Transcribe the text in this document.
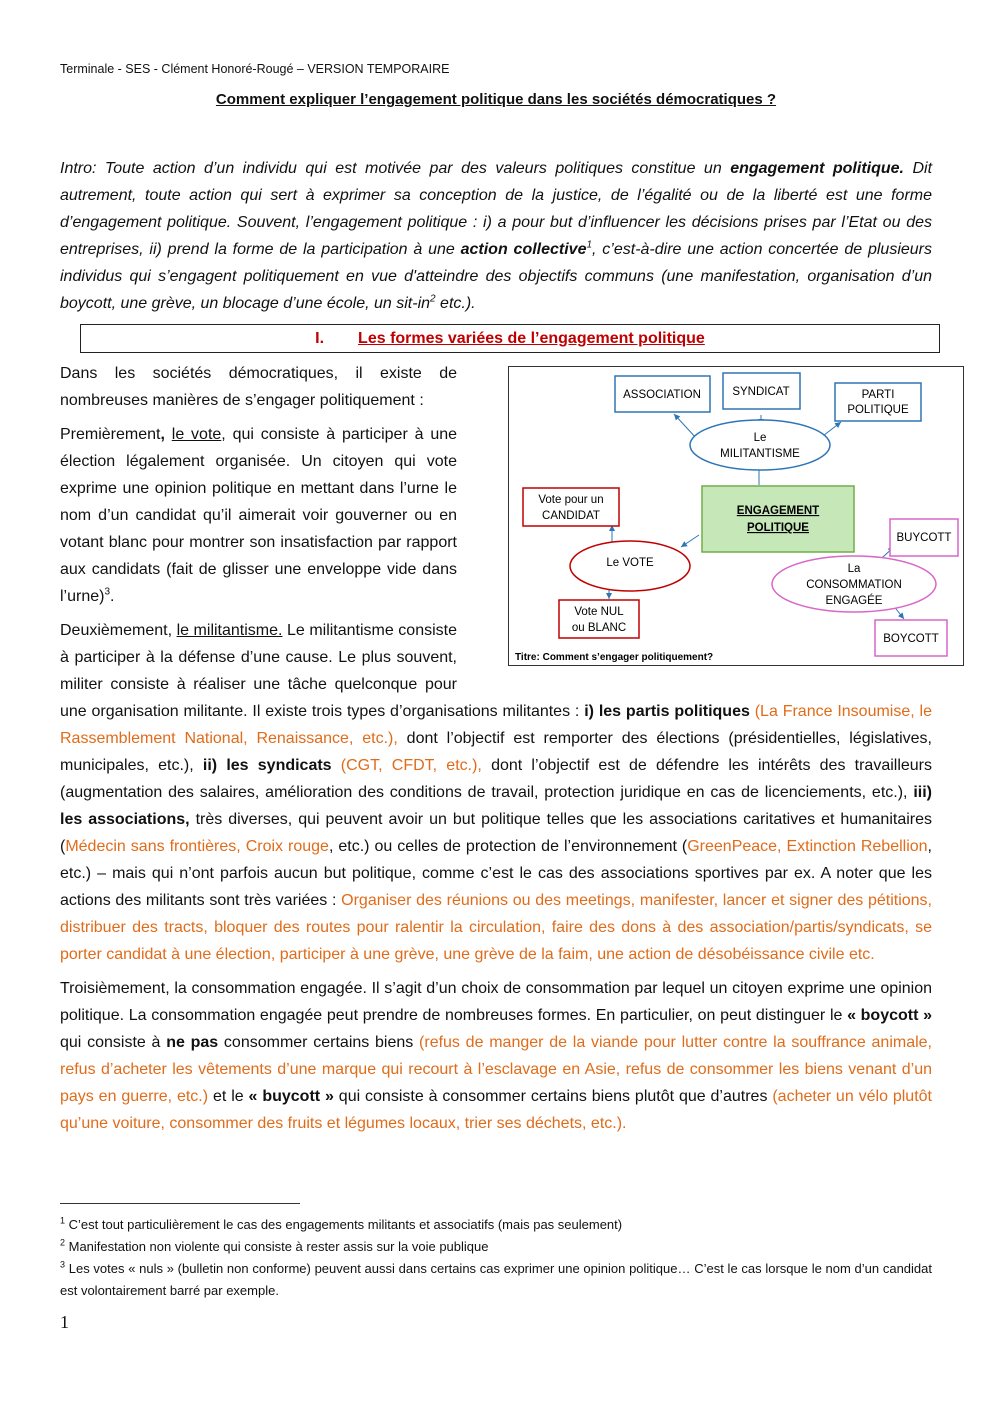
Terminale - SES - Clément Honoré-Rougé – VERSION TEMPORAIRE
Comment expliquer l’engagement politique dans les sociétés démocratiques ?

Intro: Toute action d’un individu qui est motivée par des valeurs politiques constitue un engagement politique. Dit autrement, toute action qui sert à exprimer sa conception de la justice, de l’égalité ou de la liberté est une forme d’engagement politique. Souvent, l’engagement politique : i) a pour but d’influencer les décisions prises par l’Etat ou des entreprises, ii) prend la forme de la participation à une action collective$^1$, c’est-à-dire une action concertée de plusieurs individus qui s’engagent politiquement en vue d'atteindre des objectifs communs (une manifestation, organisation d’un boycott, une grève, un blocage d’une école, un sit-$in^2$ etc.).

I. Les formes variées de l’engagement politique

Dans les sociétés démocratiques, il existe de nombreuses manières de s’engager politiquement :

Premièrement, le vote, qui consiste à participer à une élection légalement organisée. Un citoyen qui vote exprime une opinion politique en mettant dans l’urne le nom d’un candidat qu’il aimerait voir gouverner ou en votant blanc pour montrer son insatisfaction par rapport aux candidats (fait de glisser une enveloppe vide dans l’urne)$^3$.

Deuxièmement, le militantisme. Le militantisme consiste à participer à la défense d’une cause. Le plus souvent, militer consiste à réaliser une tâche quelconque pour une organisation militante. Il existe trois types d’organisations militantes : i) les partis politiques (La France Insoumise, le Rassemblement National, Renaissance, etc.), dont l’objectif est remporter des élections (présidentielles, législatives, municipales, etc.), ii) les syndicats (CGT, CFDT, etc.), dont l’objectif est de défendre les intérêts des travailleurs (augmentation des salaires, amélioration des conditions de travail, protection juridique en cas de licenciements, etc.), iii) les associations, très diverses, qui peuvent avoir un but politique telles que les associations caritatives et humanitaires (Médecin sans frontières, Croix rouge, etc.) ou celles de protection de l’environnement (GreenPeace, Extinction Rebellion, etc.) – mais qui n’ont parfois aucun but politique, comme c’est le cas des associations sportives par ex. A noter que les actions des militants sont très variées : Organiser des réunions ou des meetings, manifester, lancer et signer des pétitions, distribuer des tracts, bloquer des routes pour ralentir la circulation, faire des dons à des association/partis/syndicats, se porter candidat à une élection, participer à une grève, une grève de la faim, une action de désobéissance civile etc.

Troisièmement, la consommation engagée. Il s’agit d’un choix de consommation par lequel un citoyen exprime une opinion politique. La consommation engagée peut prendre de nombreuses formes. En particulier, on peut distinguer le « boycott » qui consiste à ne pas consommer certains biens (refus de manger de la viande pour lutter contre la souffrance animale, refus d’acheter les vêtements d’une marque qui recourt à l’esclavage en Asie, refus de consommer les biens venant d’un pays en guerre, etc.) et le « buycott » qui consiste à consommer certains biens plutôt que d’autres (acheter un vélo plutôt qu’une voiture, consommer des fruits et légumes locaux, trier ses déchets, etc.).

ASSOCIATION	SYNDICAT	PARTI
POLITIQUE
Le
MILITANTISME
ENGAGEMENT
POLITIQUE
Vote pour un
CANDIDAT
Le VOTE
Vote NUL
ou BLANC
BUYCOTT
La
CONSOMMATION
ENGAGÉE
BOYCOTT
Titre: Comment s’engager politiquement?
$^1$ C’est tout particulièrement le cas des engagements militants et associatifs (mais pas seulement)
$^2$ Manifestation non violente qui consiste à rester assis sur la voie publique
$^3$ Les votes « nuls » (bulletin non conforme) peuvent aussi dans certains cas exprimer une opinion politique… C’est le cas lorsque le nom d’un candidat est volontairement barré par exemple.
1
